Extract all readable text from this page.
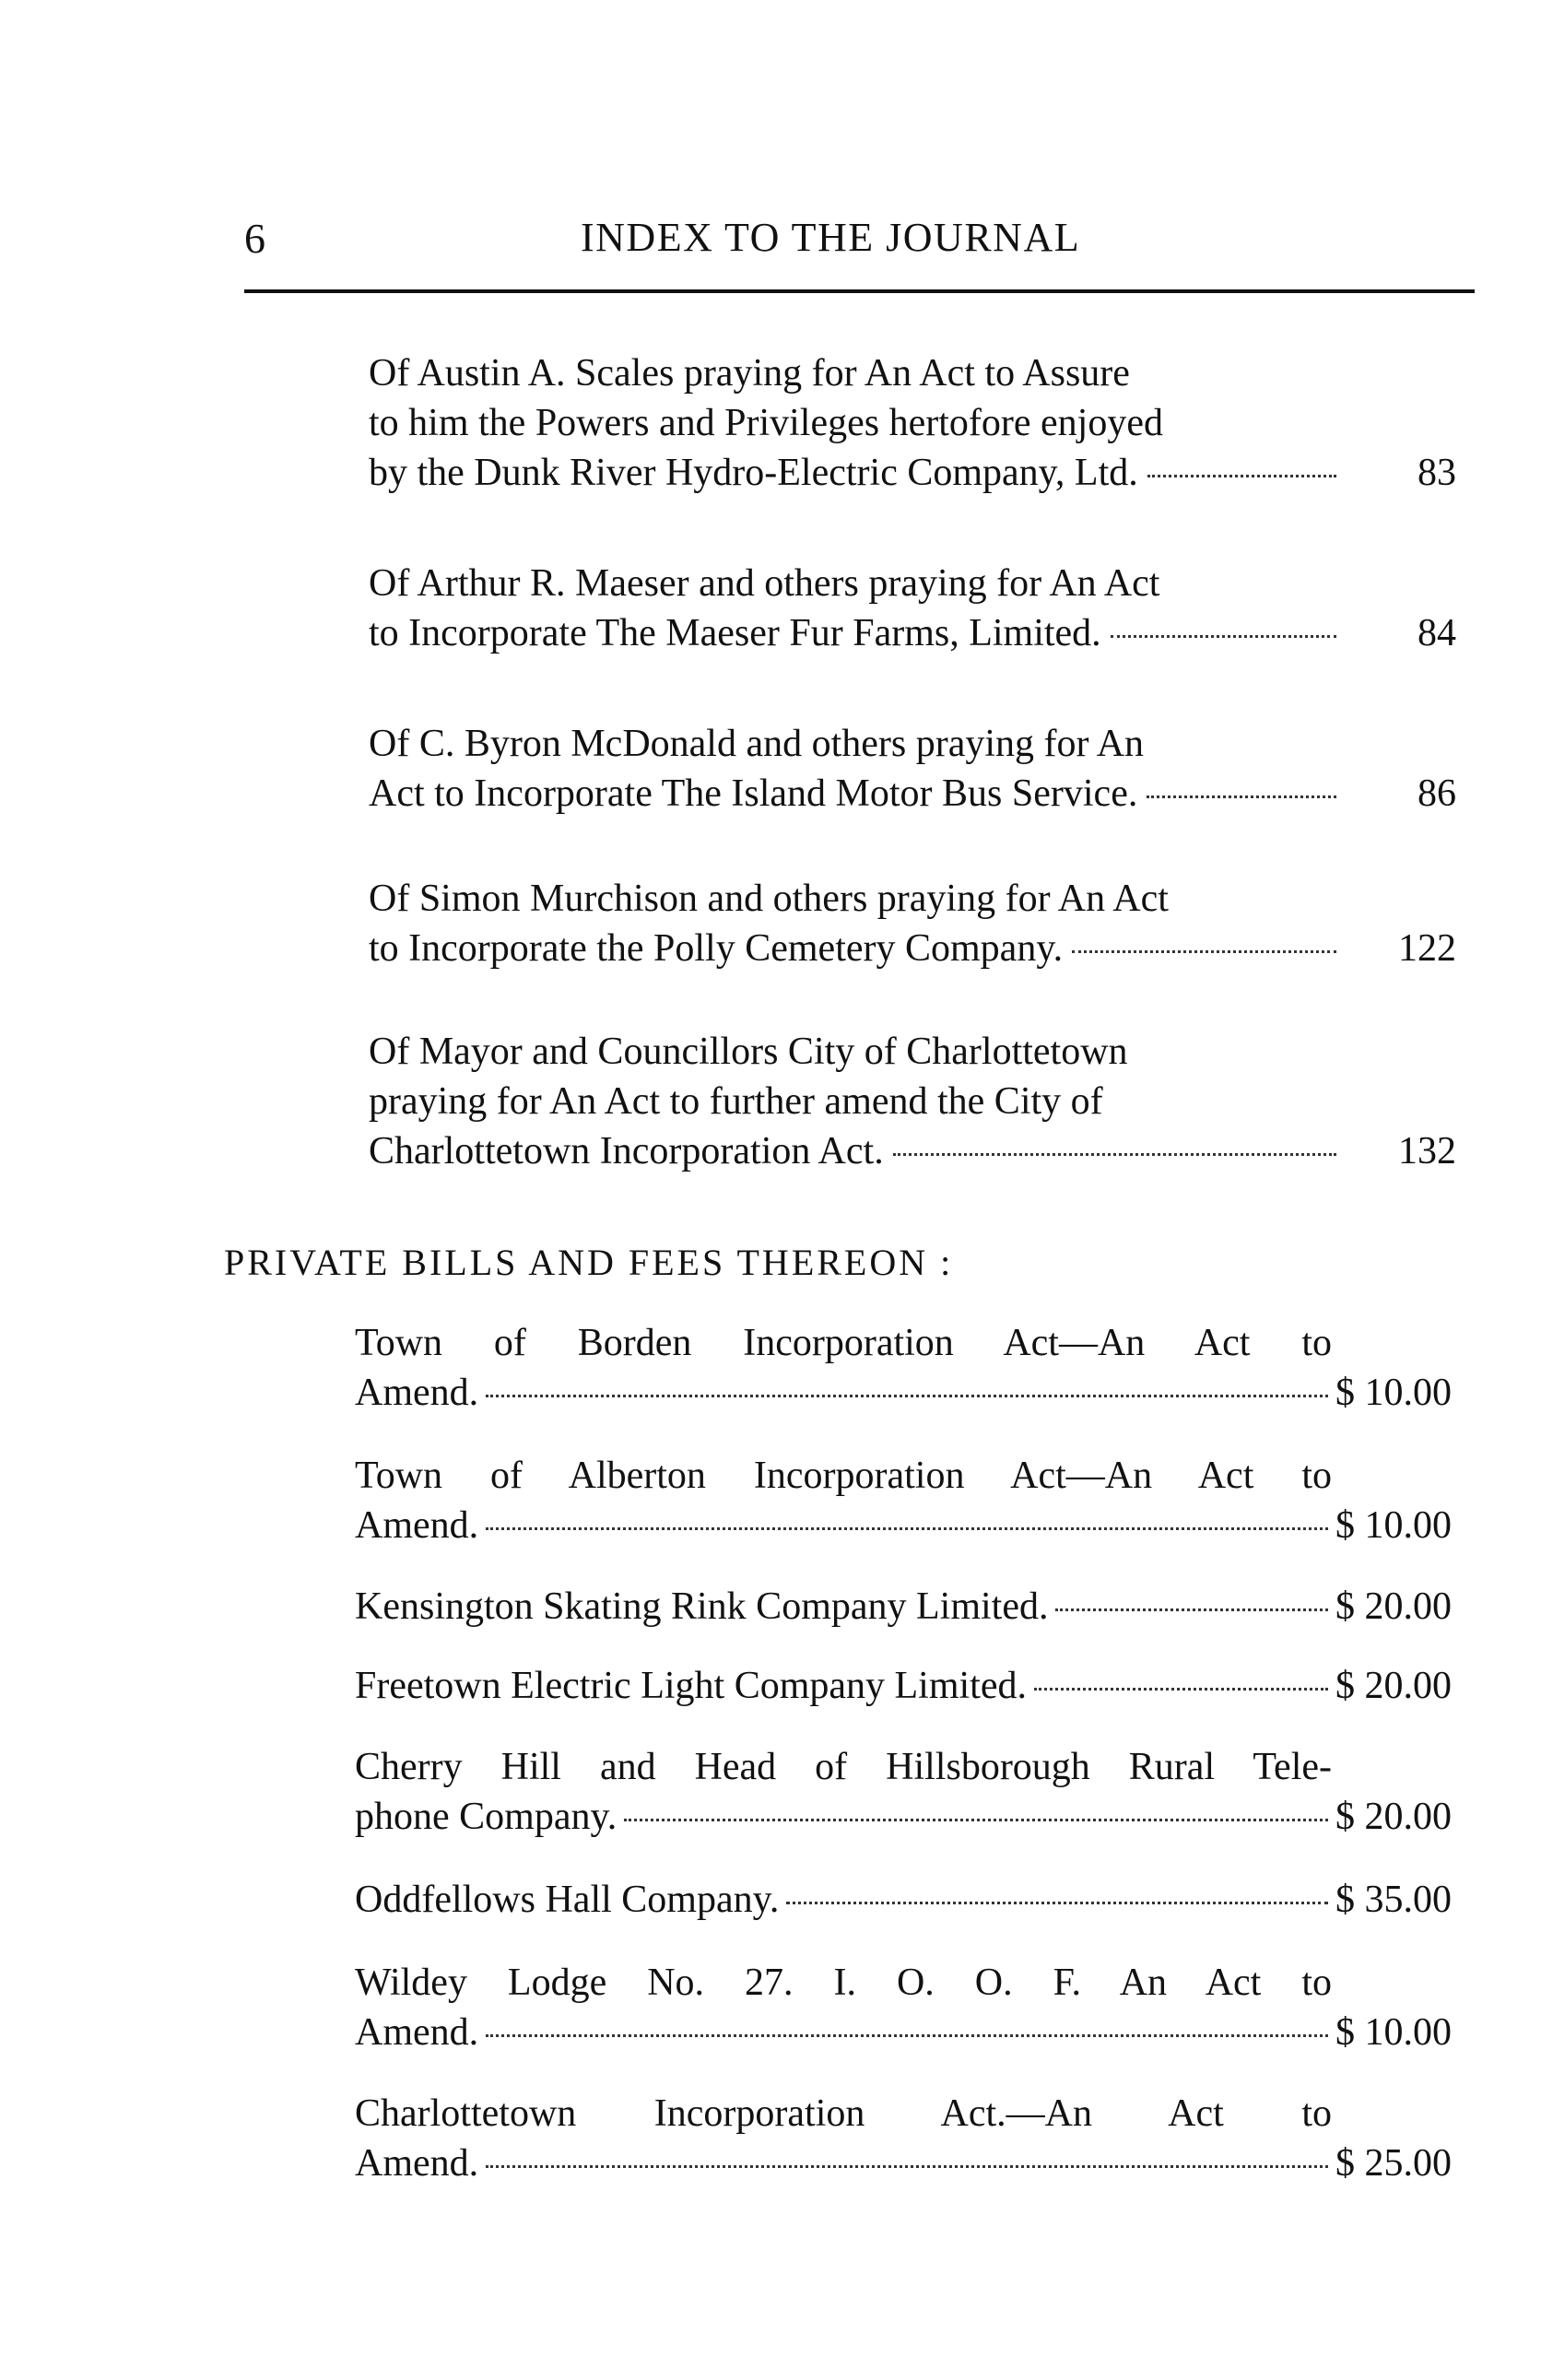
6	INDEX TO THE JOURNAL
Of Austin A. Scales praying for An Act to Assure
to him the Powers and Privileges hertofore enjoyed
by the Dunk River Hydro-Electric Company, Ltd.	83
Of Arthur R. Maeser and others praying for An Act
to Incorporate The Maeser Fur Farms, Limited.	84
Of C. Byron McDonald and others praying for An
Act to Incorporate The Island Motor Bus Service.	86
Of Simon Murchison and others praying for An Act
to Incorporate the Polly Cemetery Company.	122
Of Mayor and Councillors City of Charlottetown
praying for An Act to further amend the City of
Charlottetown Incorporation Act.	132
PRIVATE BILLS AND FEES THEREON :
Town of Borden Incorporation Act—An Act to
Amend.	$ 10.00
Town of Alberton Incorporation Act—An Act to
Amend.	$ 10.00
Kensington Skating Rink Company Limited.	$ 20.00
Freetown Electric Light Company Limited.	$ 20.00
Cherry Hill and Head of Hillsborough Rural Tele-
phone Company.	$ 20.00
Oddfellows Hall Company.	$ 35.00
Wildey Lodge No. 27. I. O. O. F. An Act to
Amend.	$ 10.00
Charlottetown Incorporation Act.—An Act to
Amend.	$ 25.00
